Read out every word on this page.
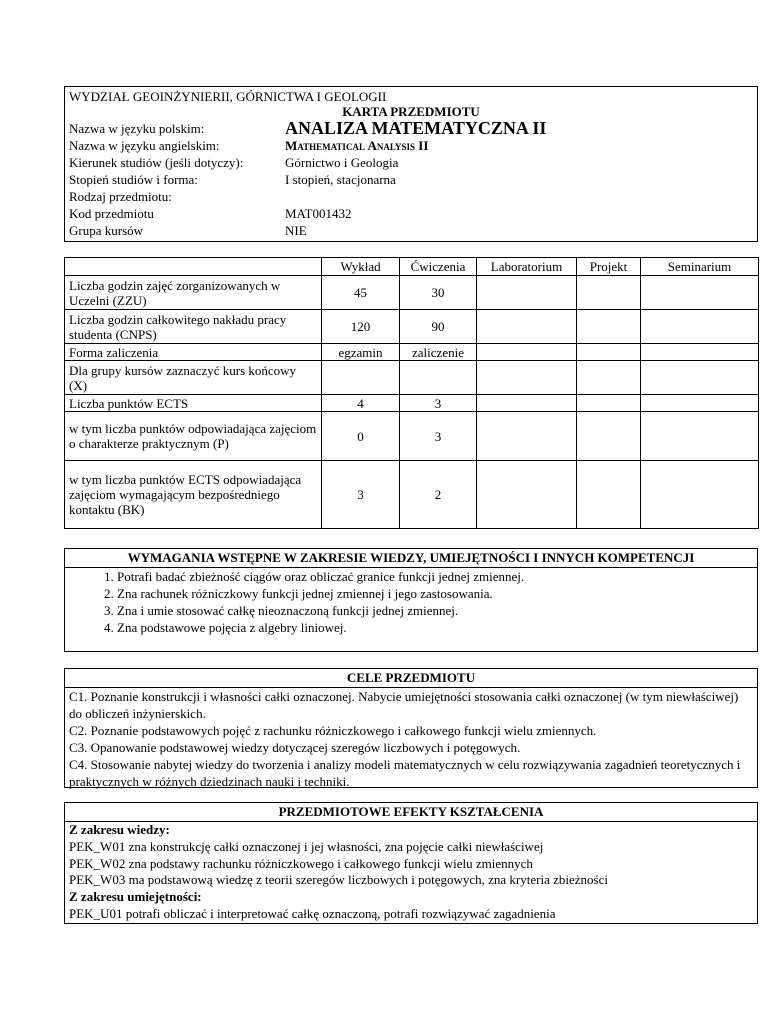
WYDZIAŁ GEOINŻYNIERII, GÓRNICTWA I GEOLOGII
KARTA PRZEDMIOTU
Nazwa w języku polskim:	ANALIZA MATEMATYCZNA II
Nazwa w języku angielskim:	Mathematical Analysis II
Kierunek studiów (jeśli dotyczy):	Górnictwo i Geologia
Stopień studiów i forma:	I stopień, stacjonarna
Rodzaj przedmiotu:
Kod przedmiotu	MAT001432
Grupa kursów	NIE
	Wykład	Ćwiczenia	Laboratorium	Projekt	Seminarium
Liczba godzin zajęć zorganizowanych w Uczelni (ZZU)	45	30			
Liczba godzin całkowitego nakładu pracy studenta (CNPS)	120	90			
Forma zaliczenia	egzamin	zaliczenie			
Dla grupy kursów zaznaczyć kurs końcowy (X)					
Liczba punktów ECTS	4	3			
w tym liczba punktów odpowiadająca zajęciom o charakterze praktycznym (P)	0	3			
w tym liczba punktów ECTS odpowiadająca zajęciom wymagającym bezpośredniego kontaktu (BK)	3	2			
WYMAGANIA WSTĘPNE W ZAKRESIE WIEDZY, UMIEJĘTNOŚCI I INNYCH KOMPETENCJI
1. Potrafi badać zbieżność ciągów oraz obliczać granice funkcji jednej zmiennej.
2. Zna rachunek różniczkowy funkcji jednej zmiennej i jego zastosowania.
3. Zna i umie stosować całkę nieoznaczoną funkcji jednej zmiennej.
4. Zna podstawowe pojęcia z algebry liniowej.
CELE PRZEDMIOTU
C1. Poznanie konstrukcji i własności całki oznaczonej. Nabycie umiejętności stosowania całki oznaczonej (w tym niewłaściwej) do obliczeń inżynierskich.
C2. Poznanie podstawowych pojęć z rachunku różniczkowego i całkowego funkcji wielu zmiennych.
C3. Opanowanie podstawowej wiedzy dotyczącej szeregów liczbowych i potęgowych.
C4. Stosowanie nabytej wiedzy do tworzenia i analizy modeli matematycznych w celu rozwiązywania zagadnień teoretycznych i praktycznych w różnych dziedzinach nauki i techniki.
PRZEDMIOTOWE EFEKTY KSZTAŁCENIA
Z zakresu wiedzy:
PEK_W01 zna konstrukcję całki oznaczonej i jej własności, zna pojęcie całki niewłaściwej
PEK_W02 zna podstawy rachunku różniczkowego i całkowego funkcji wielu zmiennych
PEK_W03 ma podstawową wiedzę z teorii szeregów liczbowych i potęgowych, zna kryteria zbieżności
Z zakresu umiejętności:
PEK_U01 potrafi obliczać i interpretować całkę oznaczoną, potrafi rozwiązywać zagadnienia
